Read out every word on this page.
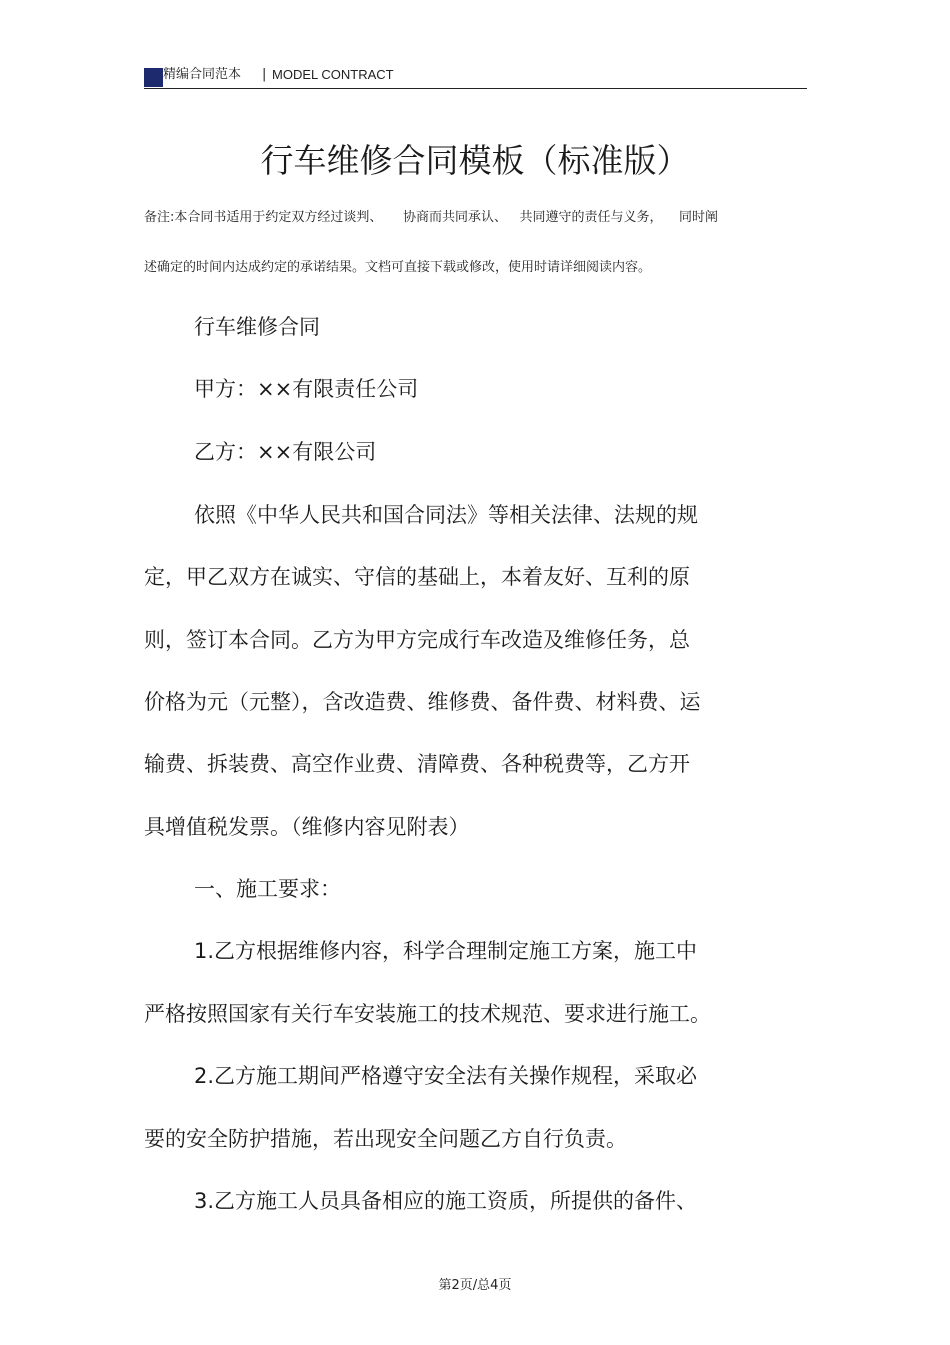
精编合同范本 | MODEL CONTRACT
行车维修合同模板（标准版）
备注:本合同书适用于约定双方经过谈判、     协商而共同承认、   共同遵守的责任与义务，    同时阐
述确定的时间内达成约定的承诺结果。文档可直接下载或修改，使用时请详细阅读内容。
行车维修合同
甲方：××有限责任公司
乙方：××有限公司
依照《中华人民共和国合同法》等相关法律、法规的规
定，甲乙双方在诚实、守信的基础上，本着友好、互利的原
则，签订本合同。乙方为甲方完成行车改造及维修任务，总
价格为元（元整），含改造费、维修费、备件费、材料费、运
输费、拆装费、高空作业费、清障费、各种税费等，乙方开
具增值税发票。（维修内容见附表）
一、施工要求：
1.乙方根据维修内容，科学合理制定施工方案，施工中
严格按照国家有关行车安装施工的技术规范、要求进行施工。
2.乙方施工期间严格遵守安全法有关操作规程，采取必
要的安全防护措施，若出现安全问题乙方自行负责。
3.乙方施工人员具备相应的施工资质，所提供的备件、
第2页/总4页
